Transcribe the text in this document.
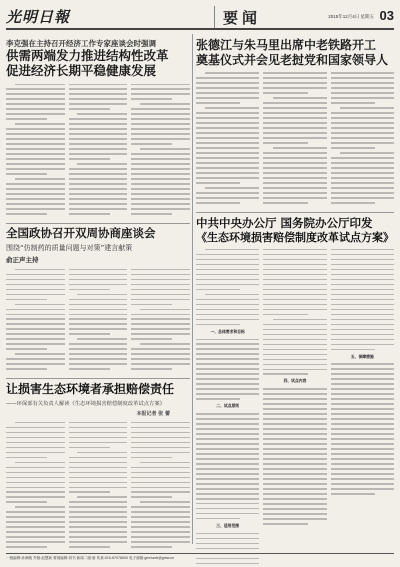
光明日報	要闻	2015年12月4日 星期五 03
李克强在主持召开经济工作专家座谈会时强调
供需两端发力推进结构性改革
促进经济长期平稳健康发展
全国政协召开双周协商座谈会
围绕“仿制药的质量问题与对策”建言献策
俞正声主持
让损害生态环境者承担赔偿责任
——环保部有关负责人解读《生态环境损害赔偿制度改革试点方案》
本报记者 张 蕾
张德江与朱马里出席中老铁路开工
奠基仪式并会见老挝党和国家领导人
中共中央办公厅 国务院办公厅印发
《生态环境损害赔偿制度改革试点方案》
一、总体要求和目标
二、试点原则
三、适用范围
四、试点内容
五、保障措施
一版编辑:孙满桃 外版:赵慧新 要闻编辑:刘书 新闻二版:唐 传真:010-67078000 电子邮箱:gmrbzxb@gmw.cn
